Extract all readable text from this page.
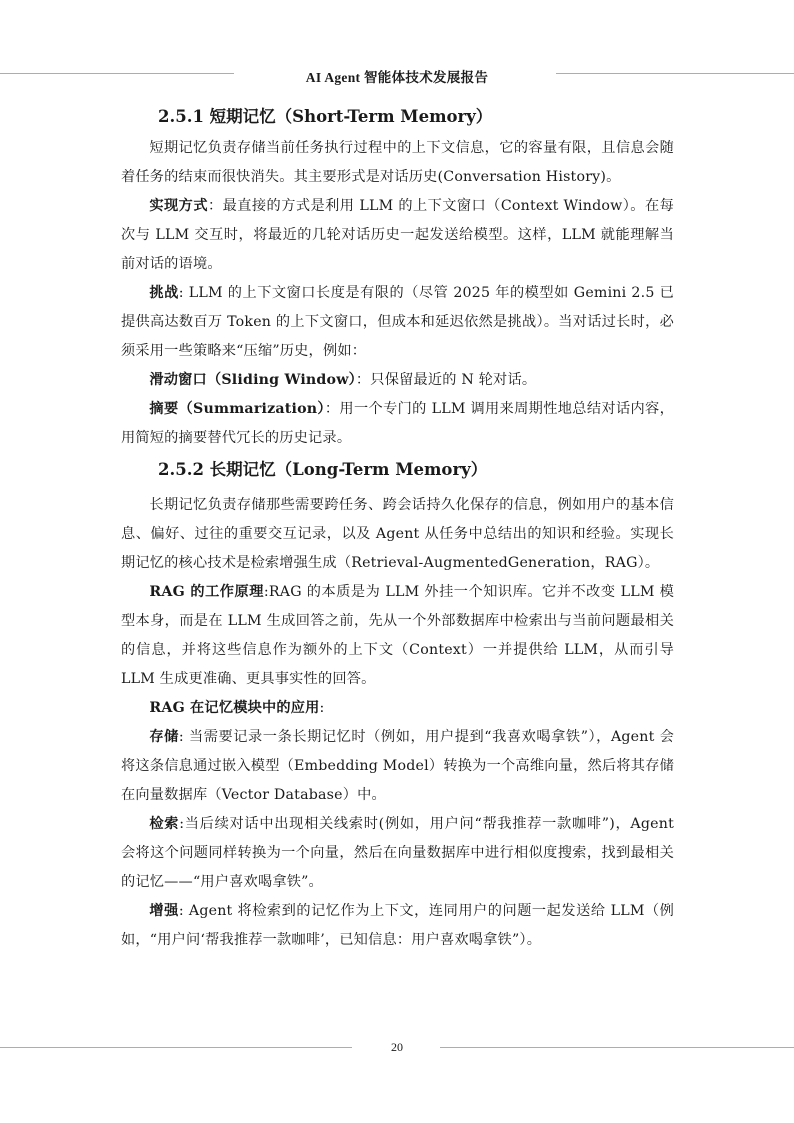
AI Agent 智能体技术发展报告
2.5.1 短期记忆（Short-Term Memory）

短期记忆负责存储当前任务执行过程中的上下文信息，它的容量有限，且信息会随着任务的结束而很快消失。其主要形式是对话历史(Conversation History)。

实现方式：最直接的方式是利用 LLM 的上下文窗口（Context Window）。在每次与 LLM 交互时，将最近的几轮对话历史一起发送给模型。这样，LLM 就能理解当前对话的语境。

挑战: LLM 的上下文窗口长度是有限的（尽管 2025 年的模型如 Gemini 2.5 已提供高达数百万 Token 的上下文窗口，但成本和延迟依然是挑战）。当对话过长时，必须采用一些策略来“压缩”历史，例如：

滑动窗口（Sliding Window）：只保留最近的 N 轮对话。

摘要（Summarization）：用一个专门的 LLM 调用来周期性地总结对话内容，用简短的摘要替代冗长的历史记录。

2.5.2 长期记忆（Long-Term Memory）

长期记忆负责存储那些需要跨任务、跨会话持久化保存的信息，例如用户的基本信息、偏好、过往的重要交互记录，以及 Agent 从任务中总结出的知识和经验。实现长期记忆的核心技术是检索增强生成（Retrieval-AugmentedGeneration，RAG）。

RAG 的工作原理:RAG 的本质是为 LLM 外挂一个知识库。它并不改变 LLM 模型本身，而是在 LLM 生成回答之前，先从一个外部数据库中检索出与当前问题最相关的信息，并将这些信息作为额外的上下文（Context）一并提供给 LLM，从而引导 LLM 生成更准确、更具事实性的回答。

RAG 在记忆模块中的应用:

存储: 当需要记录一条长期记忆时（例如，用户提到“我喜欢喝拿铁”），Agent 会将这条信息通过嵌入模型（Embedding Model）转换为一个高维向量，然后将其存储在向量数据库（Vector Database）中。

检索:当后续对话中出现相关线索时(例如，用户问“帮我推荐一款咖啡”)，Agent 会将这个问题同样转换为一个向量，然后在向量数据库中进行相似度搜索，找到最相关的记忆——“用户喜欢喝拿铁”。

增强: Agent 将检索到的记忆作为上下文，连同用户的问题一起发送给 LLM（例如，“用户问‘帮我推荐一款咖啡’，已知信息：用户喜欢喝拿铁”）。

20
